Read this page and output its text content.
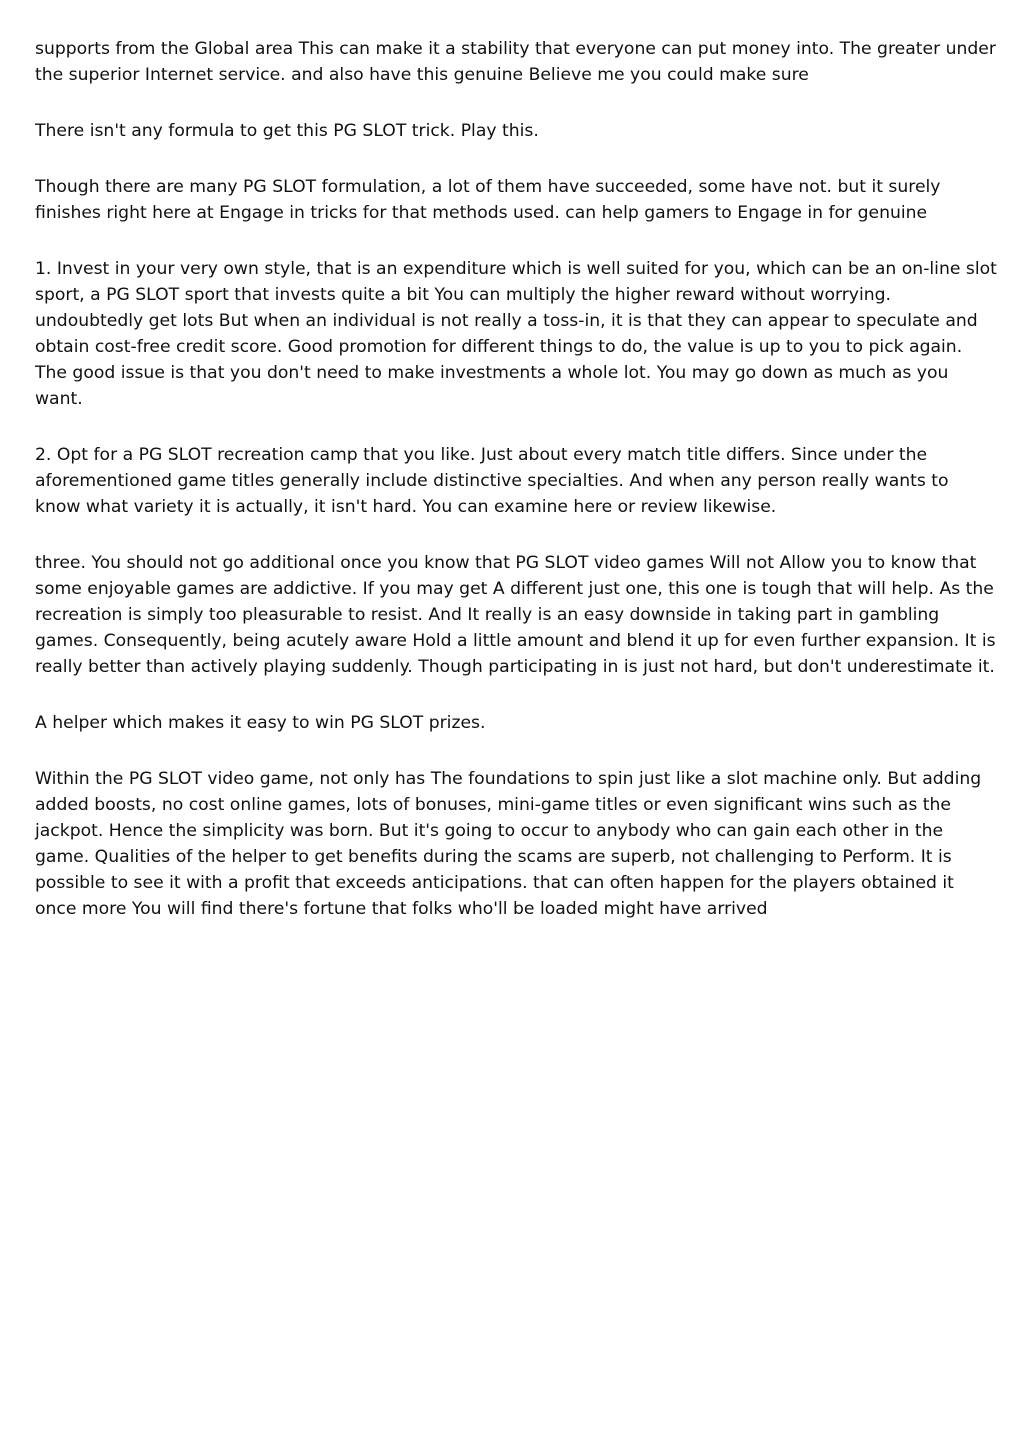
supports from the Global area This can make it a stability that everyone can put money into. The greater under the superior Internet service. and also have this genuine Believe me you could make sure

There isn't any formula to get this PG SLOT trick. Play this.

Though there are many PG SLOT formulation, a lot of them have succeeded, some have not. but it surely finishes right here at Engage in tricks for that methods used. can help gamers to Engage in for genuine

1. Invest in your very own style, that is an expenditure which is well suited for you, which can be an on-line slot sport, a PG SLOT sport that invests quite a bit You can multiply the higher reward without worrying. undoubtedly get lots But when an individual is not really a toss-in, it is that they can appear to speculate and obtain cost-free credit score. Good promotion for different things to do, the value is up to you to pick again. The good issue is that you don't need to make investments a whole lot. You may go down as much as you want.

2. Opt for a PG SLOT recreation camp that you like. Just about every match title differs. Since under the aforementioned game titles generally include distinctive specialties. And when any person really wants to know what variety it is actually, it isn't hard. You can examine here or review likewise.

three. You should not go additional once you know that PG SLOT video games Will not Allow you to know that some enjoyable games are addictive. If you may get A different just one, this one is tough that will help. As the recreation is simply too pleasurable to resist. And It really is an easy downside in taking part in gambling games. Consequently, being acutely aware Hold a little amount and blend it up for even further expansion. It is really better than actively playing suddenly. Though participating in is just not hard, but don't underestimate it.

A helper which makes it easy to win PG SLOT prizes.

Within the PG SLOT video game, not only has The foundations to spin just like a slot machine only. But adding added boosts, no cost online games, lots of bonuses, mini-game titles or even significant wins such as the jackpot. Hence the simplicity was born. But it's going to occur to anybody who can gain each other in the game. Qualities of the helper to get benefits during the scams are superb, not challenging to Perform. It is possible to see it with a profit that exceeds anticipations. that can often happen for the players obtained it once more You will find there's fortune that folks who'll be loaded might have arrived
